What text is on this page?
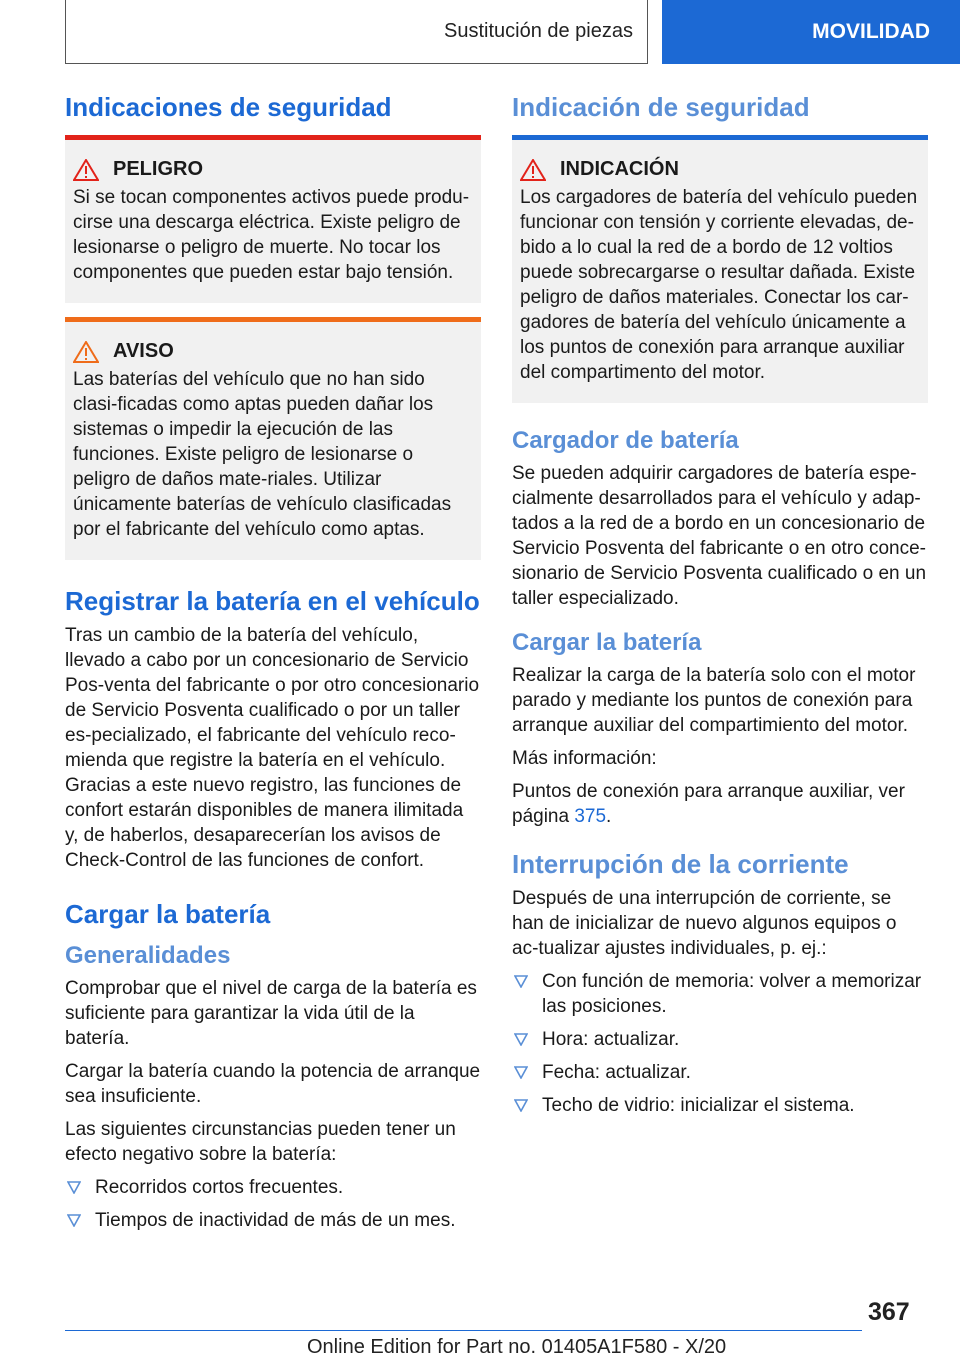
Sustitución de piezas	MOVILIDAD
Indicaciones de seguridad
PELIGRO

Si se tocan componentes activos puede produ-cirse una descarga eléctrica. Existe peligro de lesionarse o peligro de muerte. No tocar los componentes que pueden estar bajo tensión.

AVISO

Las baterías del vehículo que no han sido clasi-ficadas como aptas pueden dañar los sistemas o impedir la ejecución de las funciones. Existe peligro de lesionarse o peligro de daños mate-riales. Utilizar únicamente baterías de vehículo clasificadas por el fabricante del vehículo como aptas.

Registrar la batería en el vehículo

Tras un cambio de la batería del vehículo, llevado a cabo por un concesionario de Servicio Pos-venta del fabricante o por otro concesionario de Servicio Posventa cualificado o por un taller es-pecializado, el fabricante del vehículo reco-mienda que registre la batería en el vehículo. Gracias a este nuevo registro, las funciones de confort estarán disponibles de manera ilimitada y, de haberlos, desaparecerían los avisos de Check-Control de las funciones de confort.

Cargar la batería
Generalidades

Comprobar que el nivel de carga de la batería es suficiente para garantizar la vida útil de la batería.

Cargar la batería cuando la potencia de arranque sea insuficiente.

Las siguientes circunstancias pueden tener un efecto negativo sobre la batería:

Recorridos cortos frecuentes.
Tiempos de inactividad de más de un mes.
Indicación de seguridad
INDICACIÓN

Los cargadores de batería del vehículo pueden funcionar con tensión y corriente elevadas, de-bido a lo cual la red de a bordo de 12 voltios puede sobrecargarse o resultar dañada. Existe peligro de daños materiales. Conectar los car-gadores de batería del vehículo únicamente a los puntos de conexión para arranque auxiliar del compartimento del motor.

Cargador de batería

Se pueden adquirir cargadores de batería espe-cialmente desarrollados para el vehículo y adap-tados a la red de a bordo en un concesionario de Servicio Posventa del fabricante o en otro conce-sionario de Servicio Posventa cualificado o en un taller especializado.

Cargar la batería

Realizar la carga de la batería solo con el motor parado y mediante los puntos de conexión para arranque auxiliar del compartimiento del motor.

Más información:

Puntos de conexión para arranque auxiliar, ver página 375.

Interrupción de la corriente

Después de una interrupción de corriente, se han de inicializar de nuevo algunos equipos o ac-tualizar ajustes individuales, p. ej.:

Con función de memoria: volver a memorizar las posiciones.
Hora: actualizar.
Fecha: actualizar.
Techo de vidrio: inicializar el sistema.
367
Online Edition for Part no. 01405A1F580 - X/20
